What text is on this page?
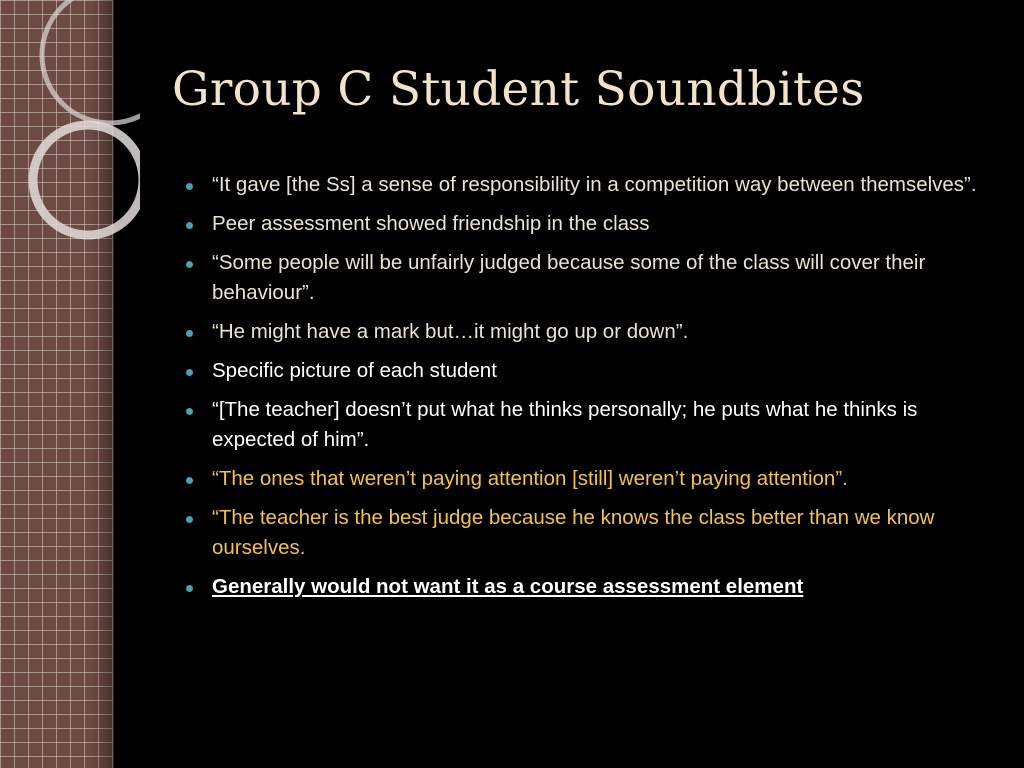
Group C Student Soundbites
“It gave [the Ss] a sense of responsibility in a competition way between themselves”.
Peer assessment showed friendship in the class
“Some people will be unfairly judged because some of the class will cover their behaviour”.
“He might have a mark but…it might go up or down”.
Specific picture of each student
“[The teacher] doesn’t put what he thinks personally; he puts what he thinks is expected of him”.
“The ones that weren’t paying attention [still] weren’t paying attention”.
“The teacher is the best judge because he knows the class better than we know ourselves.
Generally would not want it as a course assessment element
